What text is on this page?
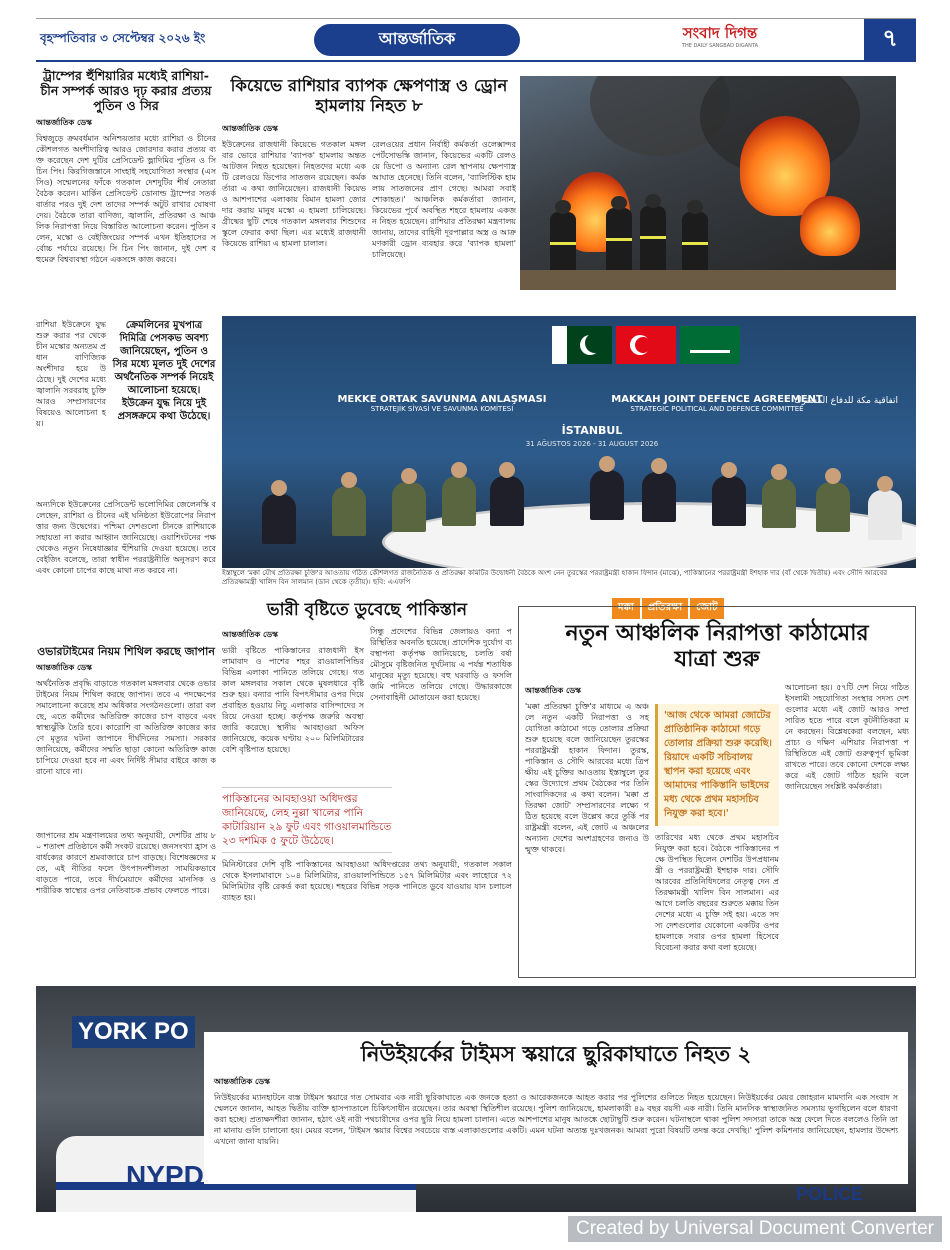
বৃহস্পতিবার ৩ সেপ্টেম্বর ২০২৬ ইং	আন্তর্জাতিক	সংবাদ দিগন্ত
THE DAILY SANGBAD DIGANTA	৭
ট্রাম্পের হুঁশিয়ারির মধ্যেই রাশিয়া-চীন সম্পর্ক আরও দৃঢ় করার প্রত্যয় পুতিন ও সির
আন্তর্জাতিক ডেস্ক
বিশ্বজুড়ে ক্রমবর্ধমান অনিশ্চয়তার মধ্যে রাশিয়া ও চীনের কৌশলগত অংশীদারিত্ব আরও জোরদার করার প্রত্যয় ব্যক্ত করেছেন দেশ দুটির প্রেসিডেন্ট ভ্লাদিমির পুতিন ও সি চিন পিং। কিরগিজস্তানে সাংহাই সহযোগিতা সংস্থার (এসসিও) সম্মেলনের ফাঁকে গতকাল দেশদুটির শীর্ষ নেতারা বৈঠক করেন। মার্কিন প্রেসিডেন্ট ডোনাল্ড ট্রাম্পের সতর্কবার্তার পরও দুই দেশ তাদের সম্পর্ক অটুট রাখার ঘোষণা দেয়। বৈঠকে তারা বাণিজ্য, জ্বালানি, প্রতিরক্ষা ও আঞ্চলিক নিরাপত্তা নিয়ে বিস্তারিত আলোচনা করেন। পুতিন বলেন, মস্কো ও বেইজিংয়ের সম্পর্ক এখন ইতিহাসের সর্বোচ্চ পর্যায়ে রয়েছে। সি চিন পিং জানান, দুই দেশ বহুমেরু বিশ্বব্যবস্থা গঠনে একসঙ্গে কাজ করবে।
রাশিয়া ইউক্রেনে যুদ্ধ শুরু করার পর থেকে চীন মস্কোর অন্যতম প্রধান বাণিজ্যিক অংশীদার হয়ে উঠেছে। দুই দেশের মধ্যে জ্বালানি সরবরাহ চুক্তি আরও সম্প্রসারণের বিষয়েও আলোচনা হয়।
ক্রেমলিনের মুখপাত্র দিমিত্রি পেসকভ অবশ্য জানিয়েছেন, পুতিন ও সির মধ্যে মূলত দুই দেশের অর্থনৈতিক সম্পর্ক নিয়েই আলোচনা হয়েছে। ইউক্রেন যুদ্ধ নিয়ে দুই প্রসঙ্গক্রমে কথা উঠেছে।
অন্যদিকে ইউক্রেনের প্রেসিডেন্ট ভলোদিমির জেলেনস্কি বলেছেন, রাশিয়া ও চীনের এই ঘনিষ্ঠতা ইউরোপের নিরাপত্তার জন্য উদ্বেগের। পশ্চিমা দেশগুলো চীনকে রাশিয়াকে সহায়তা না করার আহ্বান জানিয়েছে। ওয়াশিংটনের পক্ষ থেকেও নতুন নিষেধাজ্ঞার হুঁশিয়ারি দেওয়া হয়েছে। তবে বেইজিং বলেছে, তারা স্বাধীন পররাষ্ট্রনীতি অনুসরণ করে এবং কোনো চাপের কাছে মাথা নত করবে না।
কিয়েভে রাশিয়ার ব্যাপক ক্ষেপণাস্ত্র ও ড্রোন হামলায় নিহত ৮
আন্তর্জাতিক ডেস্ক
ইউক্রেনের রাজধানী কিয়েভে গতকাল মঙ্গলবার ভোরে রাশিয়ার 'ব্যাপক' হামলায় অন্তত আটজন নিহত হয়েছেন। নিহতদের মধ্যে একটি রেলওয়ে ডিপোর সাতজন রয়েছেন। কর্মকর্তারা এ কথা জানিয়েছেন। রাজধানী কিয়েভ ও আশপাশের এলাকায় বিমান হামলা জোরদার করায় মানুষ মস্কো এ হামলা চালিয়েছে। গ্রীষ্মের ছুটি শেষে গতকাল মঙ্গলবার শিশুদের স্কুলে ফেরার কথা ছিল। এর মধ্যেই রাজধানী কিয়েভে রাশিয়া এ হামলা চালাল।
রেলওয়ের প্রধান নির্বাহী কর্মকর্তা ওলেক্সান্দর পের্টসোভস্কি জানান, কিয়েভের একটি রেলওয়ে ডিপো ও অন্যান্য রেল স্থাপনায় ক্ষেপণাস্ত্র আঘাত হেনেছে। তিনি বলেন, 'ব্যালিস্টিক হামলায় সাতজনের প্রাণ গেছে। আমরা সবাই শোকাহত।' আঞ্চলিক কর্মকর্তারা জানান, কিয়েভের পূর্বে অবস্থিত শহরে হামলায় একজন নিহত হয়েছেন। রাশিয়ার প্রতিরক্ষা মন্ত্রণালয় জানায়, তাদের বাহিনী দূরপাল্লার অস্ত্র ও আক্রমণকারী ড্রোন ব্যবহার করে 'ব্যাপক হামলা' চালিয়েছে।
MEKKE ORTAK SAVUNMA ANLAŞMASI
STRATEJİK SİYASİ VE SAVUNMA KOMİTESİ
MAKKAH JOINT DEFENCE AGREEMENT
STRATEGIC POLITICAL AND DEFENCE COMMITTEE
İSTANBUL
31 AĞUSTOS 2026 - 31 AUGUST 2026
اتفاقية مكة للدفاع المشترك
ইস্তাম্বুলে 'মক্কা যৌথ প্রতিরক্ষা চুক্তি'র আওতায় গঠিত কৌশলগত রাজনৈতিক ও প্রতিরক্ষা কমিটির উদ্বোধনী বৈঠকে অংশ নেন তুরস্কের পররাষ্ট্রমন্ত্রী হাকান ফিদান (মাঝে), পাকিস্তানের পররাষ্ট্রমন্ত্রী ইশহাক দার (বাঁ থেকে দ্বিতীয়) এবং সৌদি আরবের প্রতিরক্ষামন্ত্রী খালিদ বিন সালমান (ডান থেকে তৃতীয়)। ছবি: এএফপি
ভারী বৃষ্টিতে ডুবেছে পাকিস্তান
আন্তর্জাতিক ডেস্ক
ভারী বৃষ্টিতে পাকিস্তানের রাজধানী ইসলামাবাদ ও পাশের শহর রাওয়ালপিন্ডির বিভিন্ন এলাকা পানিতে তলিয়ে গেছে। গতকাল মঙ্গলবার সকাল থেকে মুষলধারে বৃষ্টি শুরু হয়। বন্যার পানি বিপৎসীমার ওপর দিয়ে প্রবাহিত হওয়ায় নিচু এলাকার বাসিন্দাদের সরিয়ে নেওয়া হচ্ছে। কর্তৃপক্ষ জরুরি অবস্থা জারি করেছে। স্থানীয় আবহাওয়া অফিস জানিয়েছে, কয়েক ঘণ্টায় ২০০ মিলিমিটারের বেশি বৃষ্টিপাত হয়েছে।
সিন্ধু প্রদেশের বিভিন্ন জেলায়ও বন্যা পরিস্থিতির অবনতি হয়েছে। প্রাদেশিক দুর্যোগ ব্যবস্থাপনা কর্তৃপক্ষ জানিয়েছে, চলতি বর্ষা মৌসুমে বৃষ্টিজনিত দুর্ঘটনায় এ পর্যন্ত শতাধিক মানুষের মৃত্যু হয়েছে। বহু ঘরবাড়ি ও ফসলি জমি পানিতে তলিয়ে গেছে। উদ্ধারকাজে সেনাবাহিনী মোতায়েন করা হয়েছে।
পাকিস্তানের আবহাওয়া অধিদপ্তর জানিয়েছে, লেহ নুল্লা খালের পানি কাটারিয়ান ২৯ ফুট এবং গাওয়ালমান্ডিতে ২৩ দশমিক ৫ ফুটে উঠেছে।
মিনিস্টারের দেশি বৃষ্টি পাকিস্তানের আবহাওয়া অধিদপ্তরের তথ্য অনুযায়ী, গতকাল সকাল থেকে ইসলামাবাদে ১০৪ মিলিমিটার, রাওয়ালপিন্ডিতে ১৫৭ মিলিমিটার এবং লাহোরে ৭২ মিলিমিটার বৃষ্টি রেকর্ড করা হয়েছে। শহরের বিভিন্ন সড়ক পানিতে ডুবে যাওয়ায় যান চলাচল ব্যাহত হয়।
ওভারটাইমের নিয়ম শিথিল করছে জাপান
আন্তর্জাতিক ডেস্ক
অর্থনৈতিক প্রবৃদ্ধি বাড়াতে গতকাল মঙ্গলবার থেকে ওভারটাইমের নিয়ম শিথিল করছে জাপান। তবে এ পদক্ষেপের সমালোচনা করেছে শ্রম অধিকার সংগঠনগুলো। তারা বলছে, এতে কর্মীদের অতিরিক্ত কাজের চাপ বাড়বে এবং স্বাস্থ্যঝুঁকি তৈরি হবে। কারোশি বা অতিরিক্ত কাজের কারণে মৃত্যুর ঘটনা জাপানে দীর্ঘদিনের সমস্যা। সরকার জানিয়েছে, কর্মীদের সম্মতি ছাড়া কোনো অতিরিক্ত কাজ চাপিয়ে দেওয়া হবে না এবং নির্দিষ্ট সীমার বাইরে কাজ করানো যাবে না।
জাপানের শ্রম মন্ত্রণালয়ের তথ্য অনুযায়ী, দেশটির প্রায় ৮০ শতাংশ প্রতিষ্ঠানে কর্মী সংকট রয়েছে। জনসংখ্যা হ্রাস ও বার্ধক্যের কারণে শ্রমবাজারে চাপ বাড়ছে। বিশেষজ্ঞদের মতে, এই নীতির ফলে উৎপাদনশীলতা সাময়িকভাবে বাড়তে পারে, তবে দীর্ঘমেয়াদে কর্মীদের মানসিক ও শারীরিক স্বাস্থ্যের ওপর নেতিবাচক প্রভাব ফেলতে পারে।
মক্কা	প্রতিরক্ষা	জোট
নতুন আঞ্চলিক নিরাপত্তা কাঠামোর যাত্রা শুরু
আন্তর্জাতিক ডেস্ক
'মক্কা প্রতিরক্ষা চুক্তি'র মাধ্যমে এ অঞ্চলে নতুন একটি নিরাপত্তা ও সহযোগিতা কাঠামো গড়ে তোলার প্রক্রিয়া শুরু হয়েছে বলে জানিয়েছেন তুরস্কের পররাষ্ট্রমন্ত্রী হাকান ফিদান। তুরস্ক, পাকিস্তান ও সৌদি আরবের মধ্যে ত্রিপক্ষীয় এই চুক্তির আওতায় ইস্তাম্বুলে তুরস্কের উদ্যোগে প্রথম বৈঠকের পর তিনি সাংবাদিকদের এ কথা বলেন। 'মক্কা প্রতিরক্ষা জোট' সম্প্রসারণের লক্ষ্যে গঠিত হয়েছে বলে উল্লেখ করে তুর্কি পররাষ্ট্রমন্ত্রী বলেন, এই জোট এ অঞ্চলের অন্যান্য দেশের অংশগ্রহণের জন্যও উন্মুক্ত থাকবে।
'আজ থেকে আমরা জোটের প্রাতিষ্ঠানিক কাঠামো গড়ে তোলার প্রক্রিয়া শুরু করেছি। রিয়াদে একটি সচিবালয় স্থাপন করা হয়েছে এবং আমাদের পাকিস্তানি ভাইদের মধ্য থেকে প্রথম মহাসচিব নিযুক্ত করা হবে।'
তারিখের মধ্য থেকে প্রথম মহাসচিব নিযুক্ত করা হবে। বৈঠকে পাকিস্তানের পক্ষে উপস্থিত ছিলেন দেশটির উপপ্রধানমন্ত্রী ও পররাষ্ট্রমন্ত্রী ইশহাক দার। সৌদি আরবের প্রতিনিধিদলের নেতৃত্ব দেন প্রতিরক্ষামন্ত্রী খালিদ বিন সালমান। এর আগে চলতি বছরের শুরুতে মক্কায় তিন দেশের মধ্যে এ চুক্তি সই হয়। এতে সদস্য দেশগুলোর যেকোনো একটির ওপর হামলাকে সবার ওপর হামলা হিসেবে বিবেচনা করার কথা বলা হয়েছে।
আলোচনা হয়। ৫৭টি দেশ নিয়ে গঠিত ইসলামী সহযোগিতা সংস্থার সদস্য দেশগুলোর মধ্যে এই জোট আরও সম্প্রসারিত হতে পারে বলে কূটনীতিকরা মনে করছেন। বিশ্লেষকেরা বলছেন, মধ্যপ্রাচ্য ও দক্ষিণ এশিয়ার নিরাপত্তা পরিস্থিতিতে এই জোট গুরুত্বপূর্ণ ভূমিকা রাখতে পারে। তবে কোনো দেশকে লক্ষ্য করে এই জোট গঠিত হয়নি বলে জানিয়েছেন সংশ্লিষ্ট কর্মকর্তারা।
YORK PO
NYPD
POLICE
নিউইয়র্কের টাইমস স্কয়ারে ছুরিকাঘাতে নিহত ২
আন্তর্জাতিক ডেস্ক
নিউইয়র্কের ম্যানহাটনে ব্যস্ত টাইমস স্কয়ারে গত সোমবার এক নারী ছুরিকাঘাতে এক জনকে হত্যা ও আরেকজনকে আহত করার পর পুলিশের গুলিতে নিহত হয়েছেন। নিউইয়র্কের মেয়র জোহরান মামদানি এক সংবাদ সম্মেলনে জানান, আহত দ্বিতীয় ব্যক্তি হাসপাতালে চিকিৎসাধীন রয়েছেন। তার অবস্থা স্থিতিশীল রয়েছে। পুলিশ জানিয়েছে, হামলাকারী ৪৯ বছর বয়সী এক নারী। তিনি মানসিক স্বাস্থ্যজনিত সমস্যায় ভুগছিলেন বলে ধারণা করা হচ্ছে। প্রত্যক্ষদর্শীরা জানান, হঠাৎ ওই নারী পথচারীদের ওপর ছুরি নিয়ে হামলা চালান। এতে আশপাশের মানুষ আতঙ্কে ছোটাছুটি শুরু করেন। ঘটনাস্থলে থাকা পুলিশ সদস্যরা তাকে অস্ত্র ফেলে দিতে বললেও তিনি তা না মানায় গুলি চালানো হয়। মেয়র বলেন, 'টাইমস স্কয়ার বিশ্বের সবচেয়ে ব্যস্ত এলাকাগুলোর একটি। এমন ঘটনা অত্যন্ত দুঃখজনক। আমরা পুরো বিষয়টি তদন্ত করে দেখছি।' পুলিশ কমিশনার জানিয়েছেন, হামলার উদ্দেশ্য এখনো জানা যায়নি।
Created by Universal Document Converter
